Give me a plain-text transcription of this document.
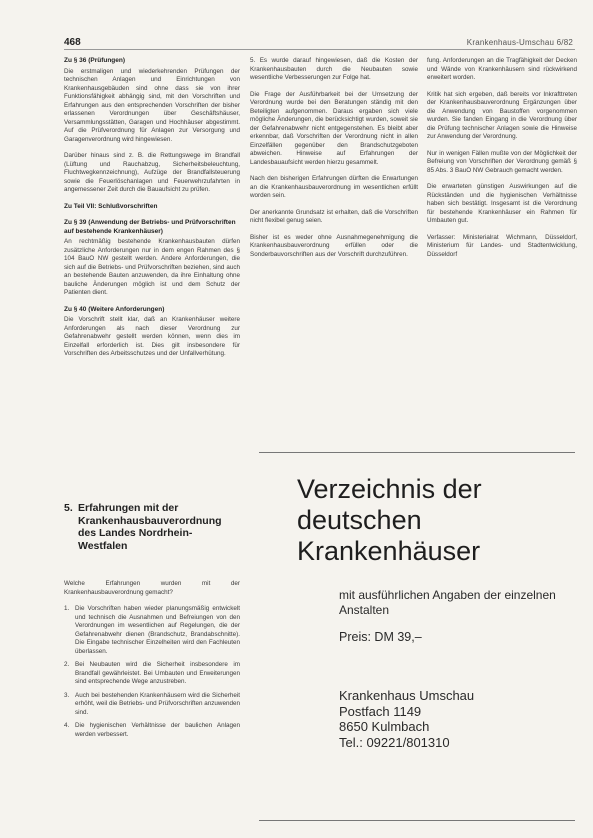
468	Krankenhaus-Umschau 6/82
Zu § 36 (Prüfungen)

Die erstmaligen und wiederkehrenden Prüfungen der technischen Anlagen und Einrichtungen von Krankenhausgebäuden sind ohne dass sie von ihrer Funktionsfähigkeit abhängig sind, mit den Vorschriften und Erfahrungen aus den entsprechenden Vorschriften der bisher erlassenen Verordnungen über Geschäftshäuser, Versammlungsstätten, Garagen und Hochhäuser abgestimmt. Auf die Prüfverordnung für Anlagen zur Versorgung und Garagenverordnung wird hingewiesen.

Darüber hinaus sind z. B. die Rettungswege im Brandfall (Lüftung und Rauchabzug, Sicherheitsbeleuchtung, Fluchtwegkennzeichnung), Aufzüge der Brandfallsteuerung sowie die Feuerlöschanlagen und Feuerwehrzufahrten in angemessener Zeit durch die Bauaufsicht zu prüfen.

Zu Teil VII: Schlußvorschriften
Zu § 39 (Anwendung der Betriebs- und Prüfvorschriften auf bestehende Krankenhäuser)

An rechtmäßig bestehende Krankenhausbauten dürfen zusätzliche Anforderungen nur in dem engen Rahmen des § 104 BauO NW gestellt werden. Andere Anforderungen, die sich auf die Betriebs- und Prüfvorschriften beziehen, sind auch an bestehende Bauten anzuwenden, da ihre Einhaltung ohne bauliche Änderungen möglich ist und dem Schutz der Patienten dient.

Zu § 40 (Weitere Anforderungen)

Die Vorschrift stellt klar, daß an Krankenhäuser weitere Anforderungen als nach dieser Verordnung zur Gefahrenabwehr gestellt werden können, wenn dies im Einzelfall erforderlich ist. Dies gilt insbesondere für Vorschriften des Arbeitsschutzes und der Unfallverhütung.

5. Erfahrungen mit der Krankenhausbauverordnung des Landes Nordrhein-Westfalen

Welche Erfahrungen wurden mit der Krankenhausbauverordnung gemacht?

1. Die Vorschriften haben wieder planungsmäßig entwickelt und technisch die Ausnahmen und Befreiungen von den Verordnungen im wesentlichen auf Regelungen, die der Gefahrenabwehr dienen (Brandschutz, Brandabschnitte). Die Eingabe technischer Einzelheiten wird den Fachleuten überlassen.
2. Bei Neubauten wird die Sicherheit insbesondere im Brandfall gewährleistet. Bei Umbauten und Erweiterungen sind entsprechende Wege anzustreben.
3. Auch bei bestehenden Krankenhäusern wird die Sicherheit erhöht, weil die Betriebs- und Prüfvorschriften anzuwenden sind.
4. Die hygienischen Verhältnisse der baulichen Anlagen werden verbessert.

5. Es wurde darauf hingewiesen, daß die Kosten der Krankenhausbauten durch die Neubauten sowie wesentliche Verbesserungen zur Folge hat.

Die Frage der Ausführbarkeit bei der Umsetzung der Verordnung wurde bei den Beratungen ständig mit den Beteiligten aufgenommen. Daraus ergaben sich viele mögliche Änderungen, die berücksichtigt wurden, soweit sie der Gefahrenabwehr nicht entgegenstehen. Es bleibt aber erkennbar, daß Vorschriften der Verordnung nicht in allen Einzelfällen gegenüber den Brandschutzgeboten abweichen. Hinweise auf Erfahrungen der Landesbauaufsicht werden hierzu gesammelt.

Nach den bisherigen Erfahrungen dürften die Erwartungen an die Krankenhausbauverordnung im wesentlichen erfüllt worden sein.

Der anerkannte Grundsatz ist erhalten, daß die Vorschriften nicht flexibel genug seien.

Bisher ist es weder ohne Ausnahmegenehmigung die Krankenhausbauverordnung erfüllen oder die Sonderbauvorschriften aus der Vorschrift durchzuführen.

fung. Anforderungen an die Tragfähigkeit der Decken und Wände von Krankenhäusern sind rückwirkend erweitert worden.

Kritik hat sich ergeben, daß bereits vor Inkrafttreten der Krankenhausbauverordnung Ergänzungen über die Anwendung von Baustoffen vorgenommen wurden. Sie fanden Eingang in die Verordnung über die Prüfung technischer Anlagen sowie die Hinweise zur Anwendung der Verordnung.

Nur in wenigen Fällen mußte von der Möglichkeit der Befreiung von Vorschriften der Verordnung gemäß § 85 Abs. 3 BauO NW Gebrauch gemacht werden.

Die erwarteten günstigen Auswirkungen auf die Rückständen und die hygienischen Verhältnisse haben sich bestätigt. Insgesamt ist die Verordnung für bestehende Krankenhäuser ein Rahmen für Umbauten gut.

Verfasser: Ministerialrat Wichmann, Düsseldorf, Ministerium für Landes- und Stadtentwicklung, Düsseldorf

Verzeichnis der deutschen Krankenhäuser
mit ausführlichen Angaben der einzelnen Anstalten
Preis: DM 39,–
Krankenhaus Umschau
Postfach 1149
8650 Kulmbach
Tel.: 09221/801310
